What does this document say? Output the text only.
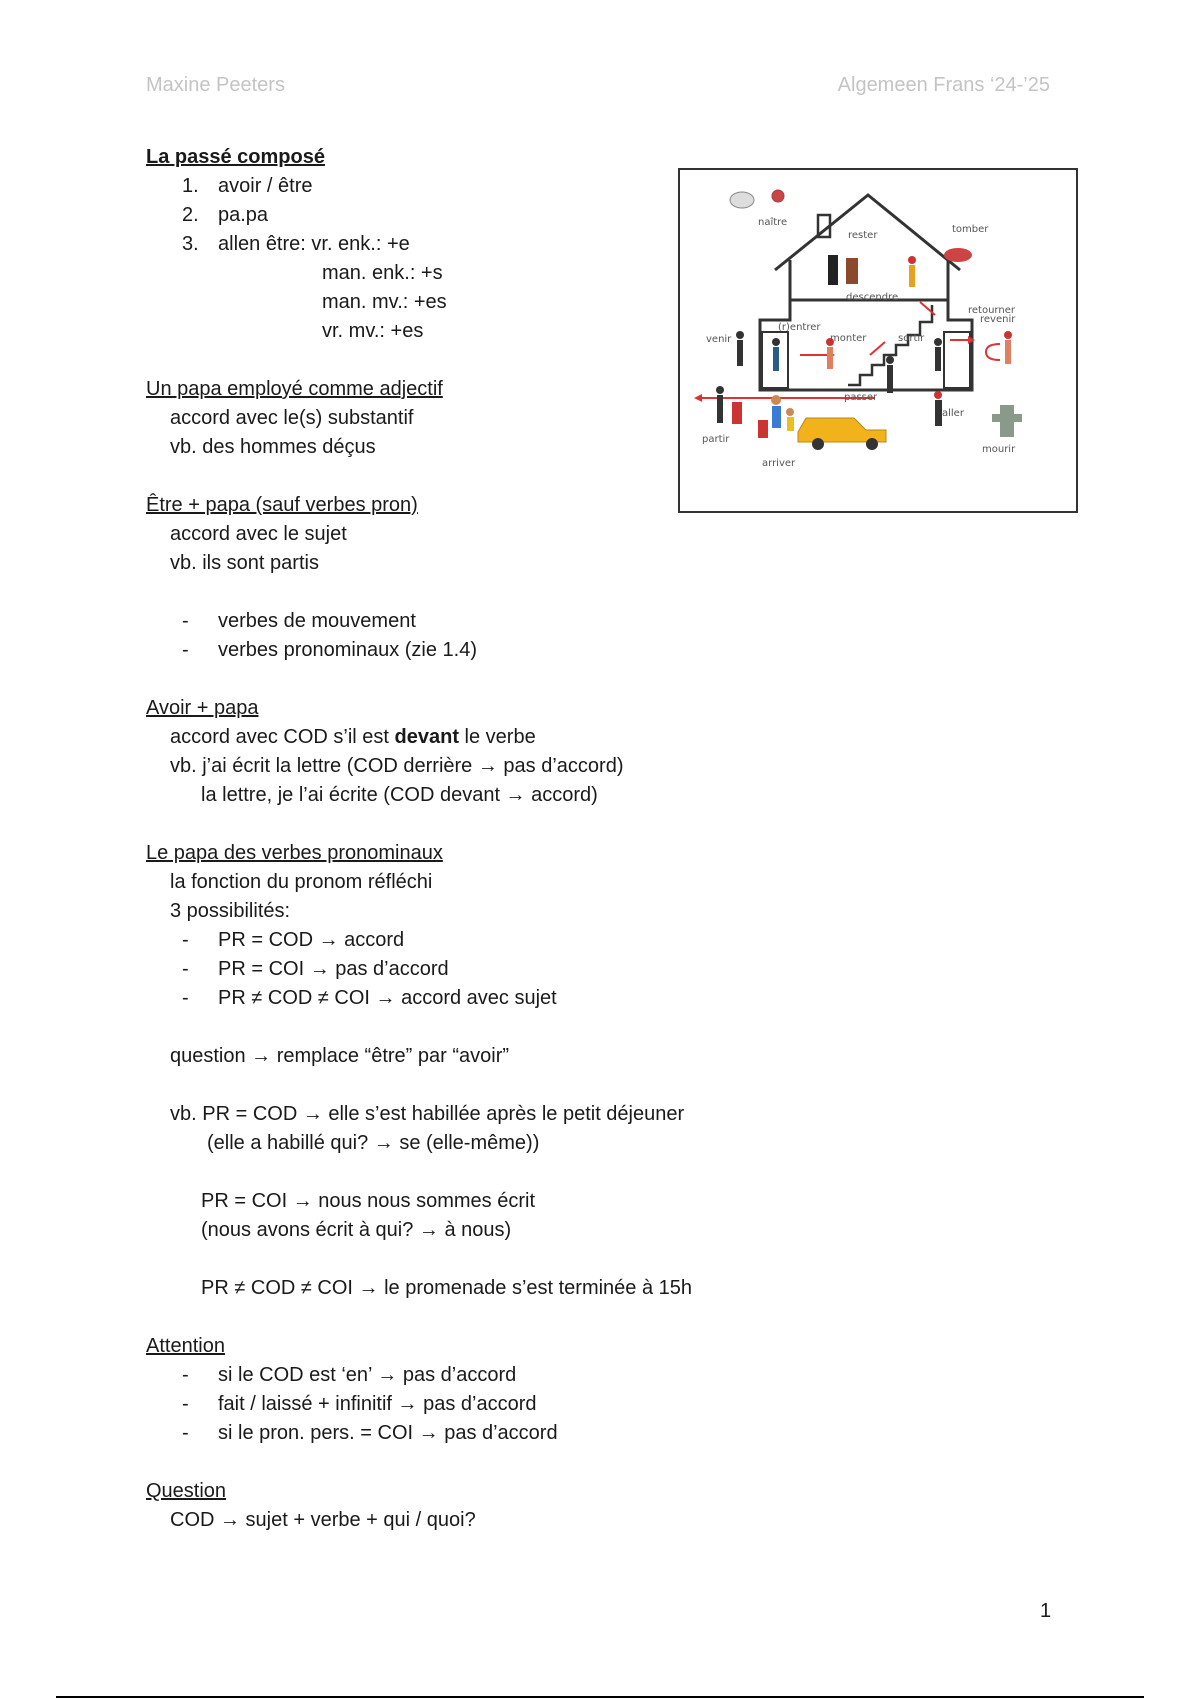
Maxine Peeters	Algemeen Frans ‘24-’25
La passé composé
1. avoir / être
2. pa.pa
3. allen être: vr. enk.: +e
man. enk.: +s
man. mv.: +es
vr. mv.: +es
Un papa employé comme adjectif
accord avec le(s) substantif
vb. des hommes déçus
Être + papa (sauf verbes pron)
accord avec le sujet
vb. ils sont partis
- verbes de mouvement
- verbes pronominaux (zie 1.4)
Avoir + papa
accord avec COD s’il est devant le verbe
vb. j’ai écrit la lettre (COD derrière → pas d’accord)
la lettre, je l’ai écrite (COD devant → accord)
Le papa des verbes pronominaux
la fonction du pronom réfléchi
3 possibilités:
- PR = COD → accord
- PR = COI → pas d’accord
- PR ≠ COD ≠ COI → accord avec sujet
question → remplace “être” par “avoir”
vb. PR = COD → elle s’est habillée après le petit déjeuner
(elle a habillé qui? → se (elle-même))
PR = COI → nous nous sommes écrit
(nous avons écrit à qui? → à nous)
PR ≠ COD ≠ COI → le promenade s’est terminée à 15h
Attention
- si le COD est ‘en’ → pas d’accord
- fait / laissé + infinitif → pas d’accord
- si le pron. pers. = COI → pas d’accord
Question
COD → sujet + verbe + qui / quoi?
naître
rester
tomber
descendre
retourner
revenir
venir
(r)entrer
monter	sortir
passer
partir
aller
mourir
arriver
1
